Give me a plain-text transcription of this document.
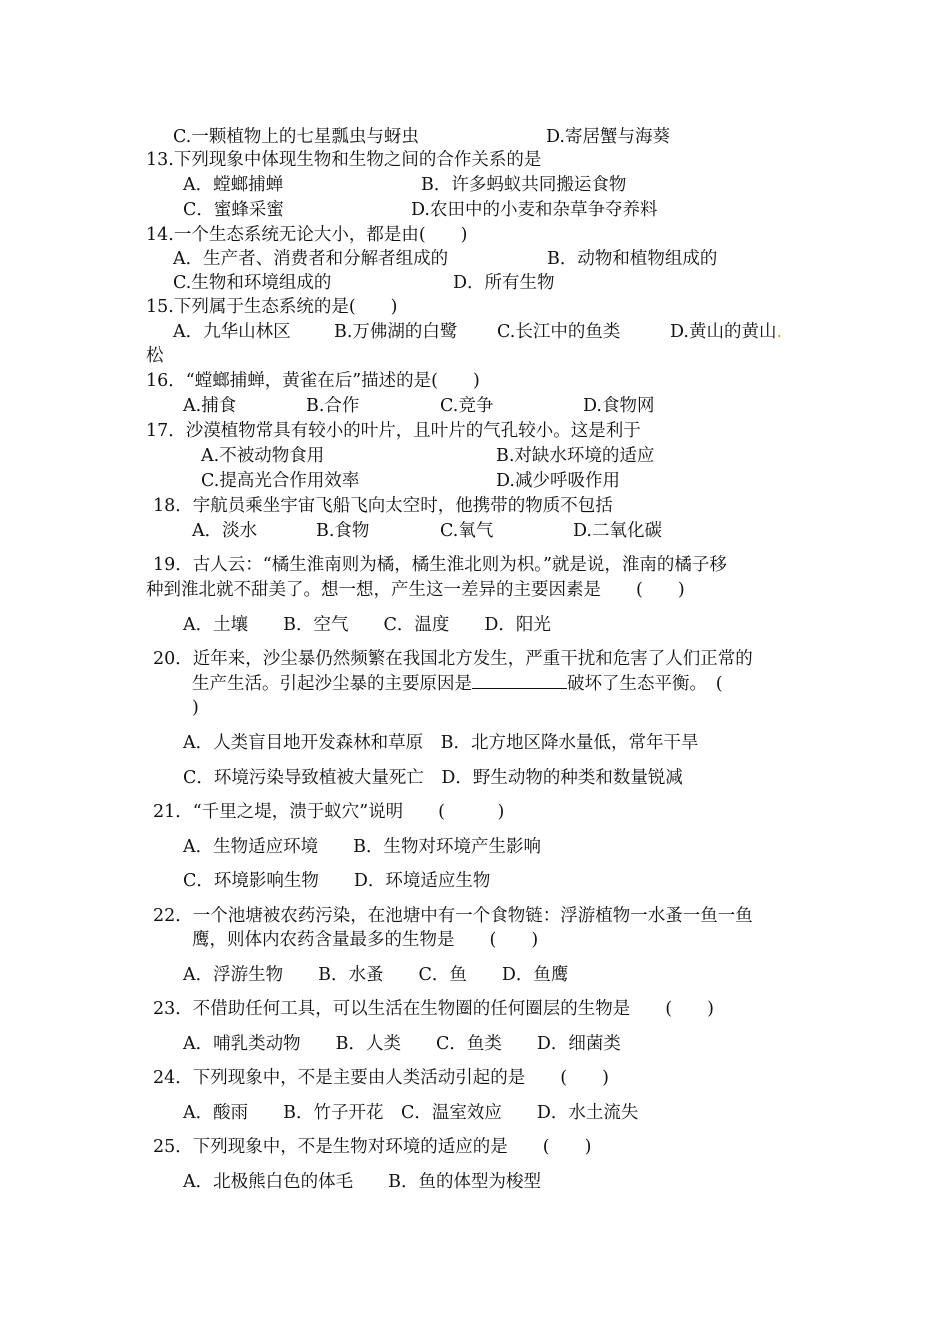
C.一颗植物上的七星瓢虫与蚜虫	D.寄居蟹与海葵
13.下列现象中体现生物和生物之间的合作关系的是
A．螳螂捕蝉	B．许多蚂蚁共同搬运食物
C．蜜蜂采蜜	D.农田中的小麦和杂草争夺养料
14.一个生态系统无论大小，都是由(　　)
A．生产者、消费者和分解者组成的	B．动物和植物组成的
C.生物和环境组成的	D．所有生物
15.下列属于生态系统的是(　　)
A．九华山林区 B.万佛湖的白鹭 C.长江中的鱼类	D.黄山的黄山.
松
16．“螳螂捕蝉，黄雀在后”描述的是(　　)
A.捕食	B.合作	C.竞争	D.食物网
17．沙漠植物常具有较小的叶片，且叶片的气孔较小。这是利于
A.不被动物食用	B.对缺水环境的适应
C.提高光合作用效率	D.减少呼吸作用
18．宇航员乘坐宇宙飞船飞向太空时，他携带的物质不包括
A．淡水	B.食物	C.氧气	D.二氧化碳
19．古人云：“橘生淮南则为橘，橘生淮北则为枳。”就是说，淮南的橘子移
种到淮北就不甜美了。想一想，产生这一差异的主要因素是　　(　　)
A．土壤　　B．空气　　C．温度　　D．阳光
20．近年来，沙尘暴仍然频繁在我国北方发生，严重干扰和危害了人们正常的
生产生活。引起沙尘暴的主要原因是	破坏了生态平衡。　(
)
A．人类盲目地开发森林和草原　B．北方地区降水量低，常年干旱
C．环境污染导致植被大量死亡　D．野生动物的种类和数量锐减
21．“千里之堤，溃于蚁穴”说明　　(　　　)
A．生物适应环境　　B．生物对环境产生影响
C．环境影响生物　　D．环境适应生物
22．一个池塘被农药污染，在池塘中有一个食物链：浮游植物一水蚤一鱼一鱼
鹰，则体内农药含量最多的生物是　　(　　)
A．浮游生物　　B．水蚤　　C．鱼　　D．鱼鹰
23．不借助任何工具，可以生活在生物圈的任何圈层的生物是　　(　　)
A．哺乳类动物　　B．人类　　C．鱼类　　D．细菌类
24．下列现象中，不是主要由人类活动引起的是　　(　　)
A．酸雨　　B．竹子开花　C．温室效应　　D．水土流失
25．下列现象中，不是生物对环境的适应的是　　(　　)
A．北极熊白色的体毛　　B．鱼的体型为梭型
